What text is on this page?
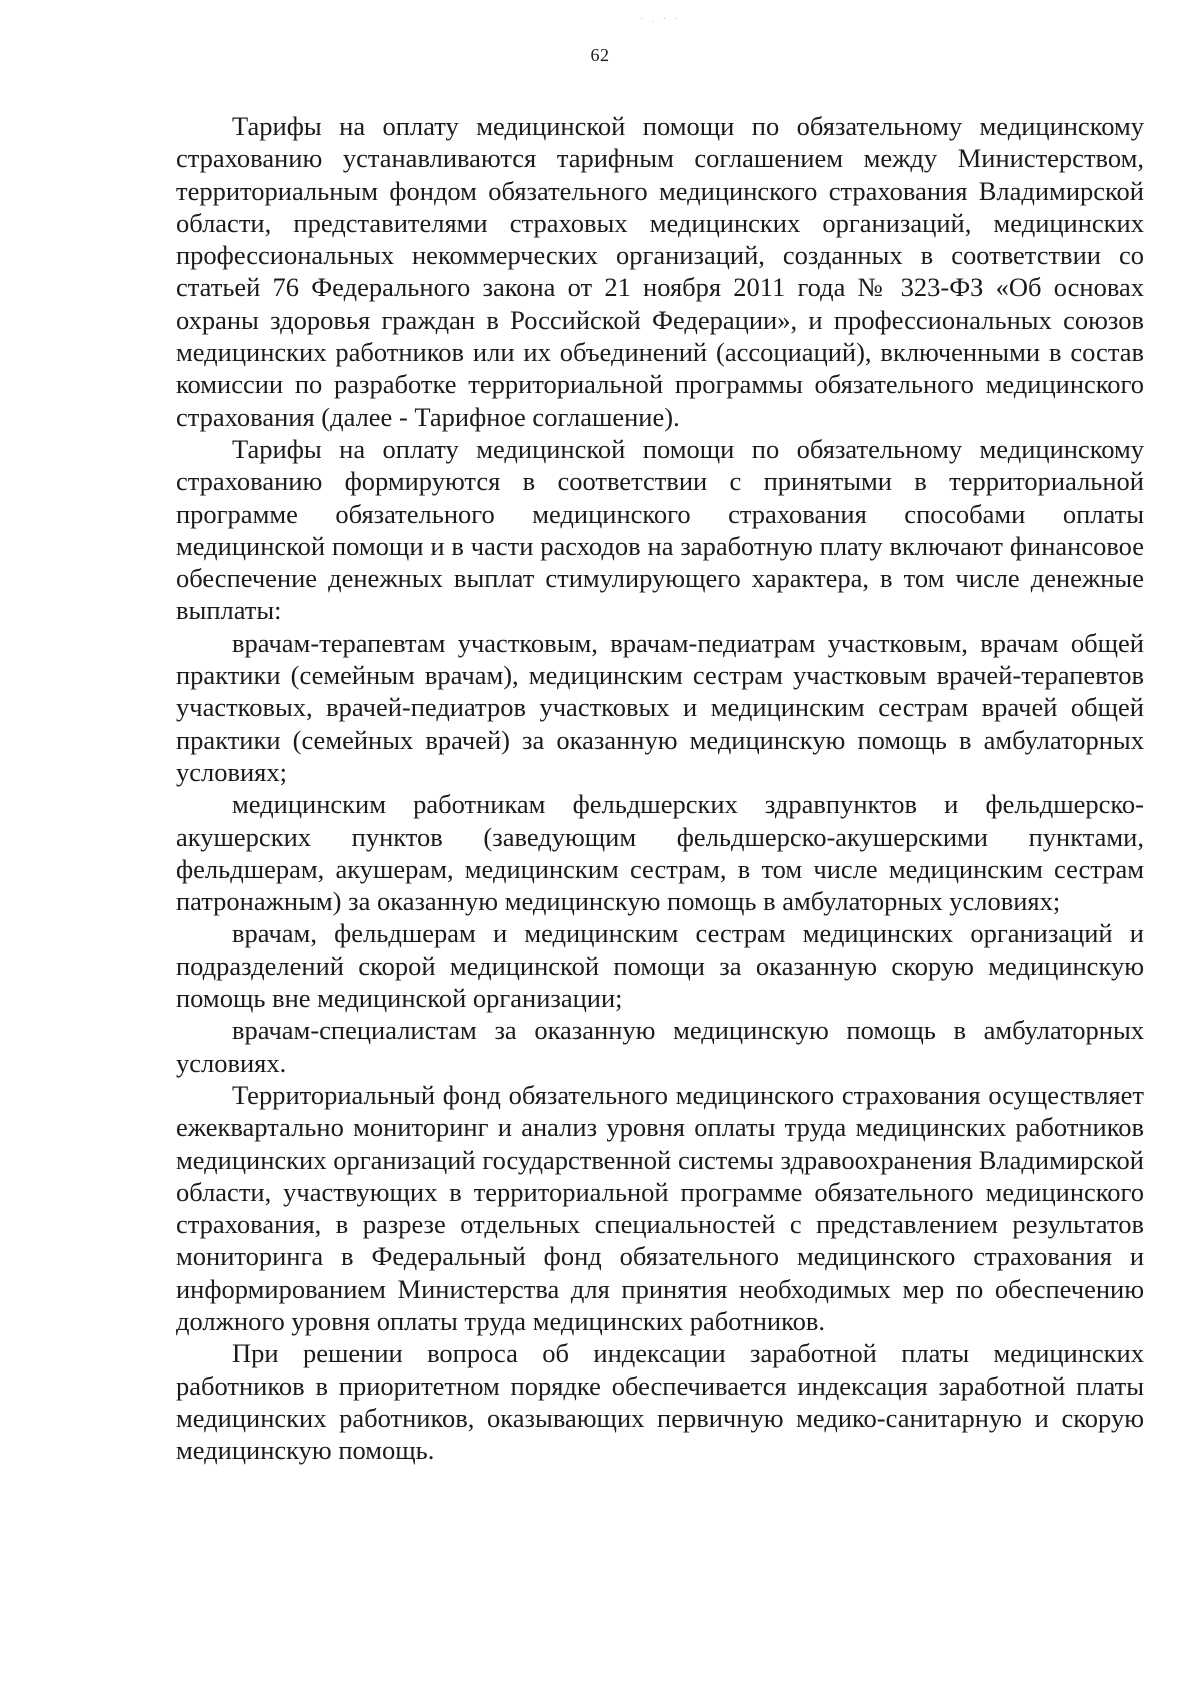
· . · ·
62

Тарифы на оплату медицинской помощи по обязательному медицинскому страхованию устанавливаются тарифным соглашением между Министерством, территориальным фондом обязательного медицинского страхования Владимирской области, представителями страховых медицинских организаций, медицинских профессиональных некоммерческих организаций, созданных в соответствии со статьей 76 Федерального закона от 21 ноября 2011 года № 323-ФЗ «Об основах охраны здоровья граждан в Российской Федерации», и профессиональных союзов медицинских работников или их объединений (ассоциаций), включенными в состав комиссии по разработке территориальной программы обязательного медицинского страхования (далее - Тарифное соглашение).

Тарифы на оплату медицинской помощи по обязательному медицинскому страхованию формируются в соответствии с принятыми в территориальной программе обязательного медицинского страхования способами оплаты медицинской помощи и в части расходов на заработную плату включают финансовое обеспечение денежных выплат стимулирующего характера, в том числе денежные выплаты:

врачам-терапевтам участковым, врачам-педиатрам участковым, врачам общей практики (семейным врачам), медицинским сестрам участковым врачей-терапевтов участковых, врачей-педиатров участковых и медицинским сестрам врачей общей практики (семейных врачей) за оказанную медицинскую помощь в амбулаторных условиях;

медицинским работникам фельдшерских здравпунктов и фельдшерско-акушерских пунктов (заведующим фельдшерско-акушерскими пунктами, фельдшерам, акушерам, медицинским сестрам, в том числе медицинским сестрам патронажным) за оказанную медицинскую помощь в амбулаторных условиях;

врачам, фельдшерам и медицинским сестрам медицинских организаций и подразделений скорой медицинской помощи за оказанную скорую медицинскую помощь вне медицинской организации;

врачам-специалистам за оказанную медицинскую помощь в амбулаторных условиях.

Территориальный фонд обязательного медицинского страхования осуществляет ежеквартально мониторинг и анализ уровня оплаты труда медицинских работников медицинских организаций государственной системы здравоохранения Владимирской области, участвующих в территориальной программе обязательного медицинского страхования, в разрезе отдельных специальностей с представлением результатов мониторинга в Федеральный фонд обязательного медицинского страхования и информированием Министерства для принятия необходимых мер по обеспечению должного уровня оплаты труда медицинских работников.

При решении вопроса об индексации заработной платы медицинских работников в приоритетном порядке обеспечивается индексация заработной платы медицинских работников, оказывающих первичную медико-санитарную и скорую медицинскую помощь.
